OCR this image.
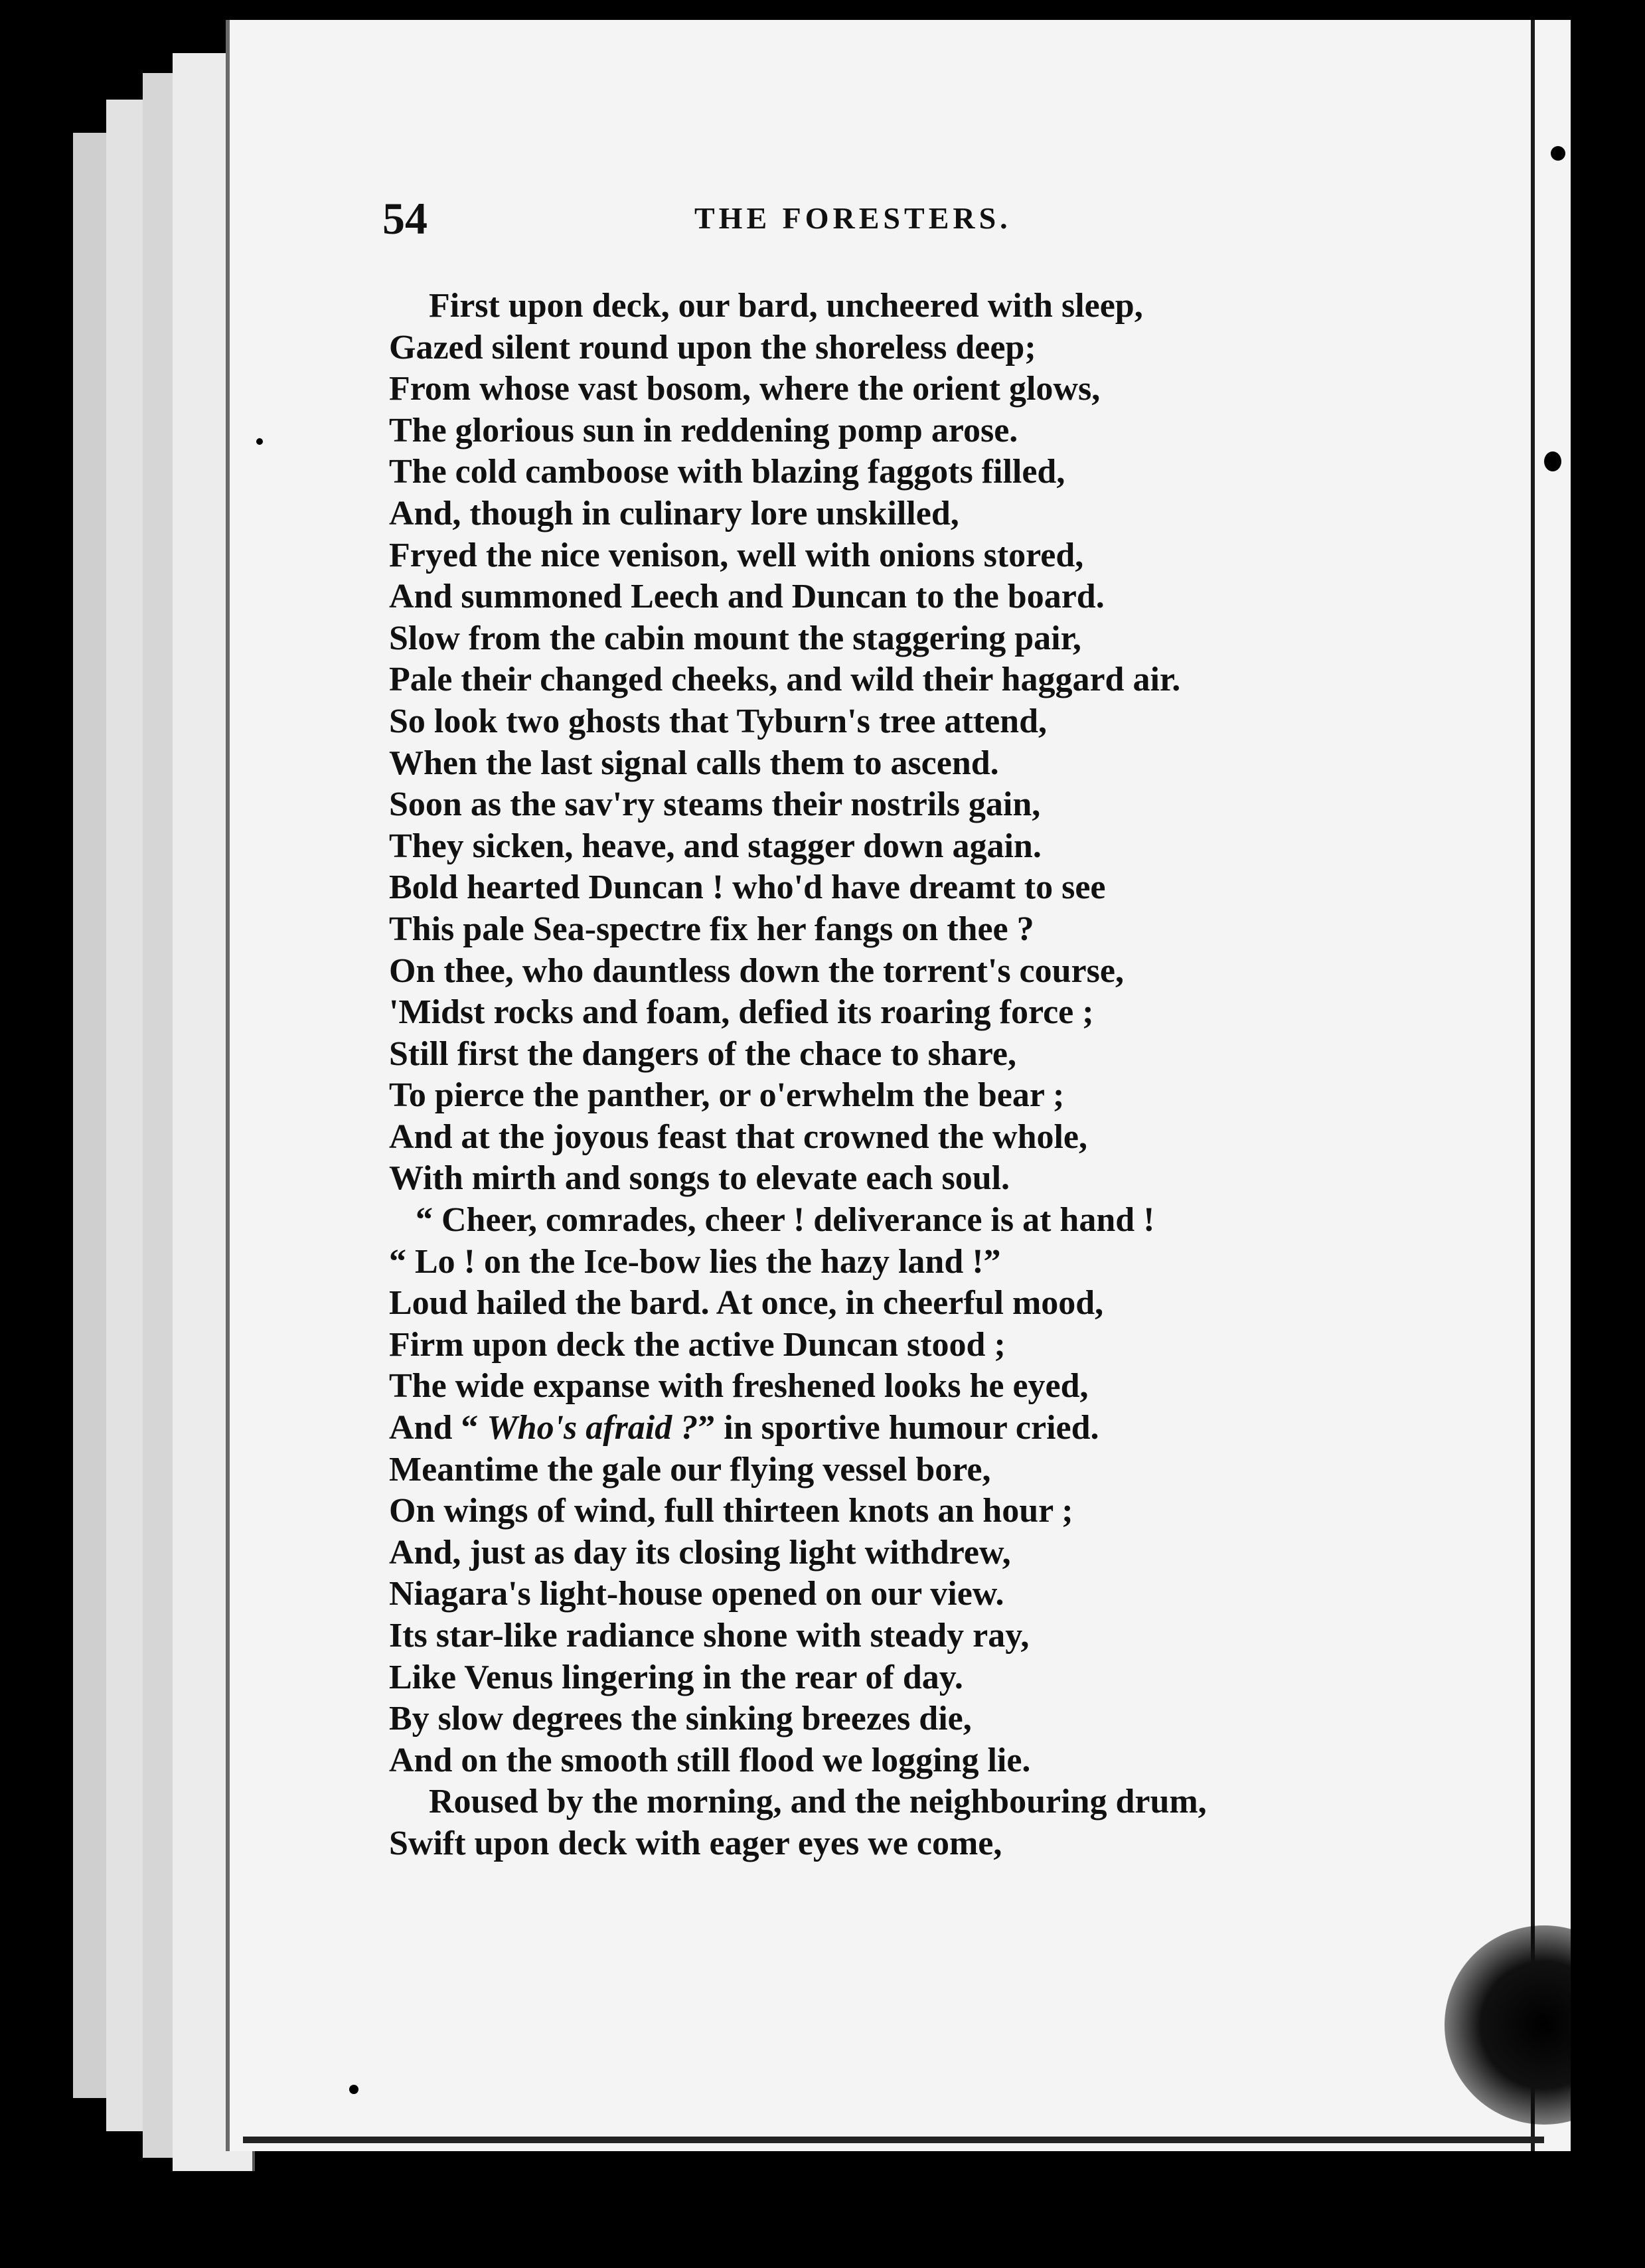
54	THE FORESTERS.
First upon deck, our bard, uncheered with sleep,
Gazed silent round upon the shoreless deep;
From whose vast bosom, where the orient glows,
The glorious sun in reddening pomp arose.
The cold camboose with blazing faggots filled,
And, though in culinary lore unskilled,
Fryed the nice venison, well with onions stored,
And summoned Leech and Duncan to the board.
Slow from the cabin mount the staggering pair,
Pale their changed cheeks, and wild their haggard air.
So look two ghosts that Tyburn's tree attend,
When the last signal calls them to ascend.
Soon as the sav'ry steams their nostrils gain,
They sicken, heave, and stagger down again.
Bold hearted Duncan ! who'd have dreamt to see
This pale Sea-spectre fix her fangs on thee ?
On thee, who dauntless down the torrent's course,
'Midst rocks and foam, defied its roaring force ;
Still first the dangers of the chace to share,
To pierce the panther, or o'erwhelm the bear ;
And at the joyous feast that crowned the whole,
With mirth and songs to elevate each soul.
“ Cheer, comrades, cheer ! deliverance is at hand !
“ Lo ! on the Ice-bow lies the hazy land !”
Loud hailed the bard. At once, in cheerful mood,
Firm upon deck the active Duncan stood ;
The wide expanse with freshened looks he eyed,
And “ Who's afraid ?” in sportive humour cried.
Meantime the gale our flying vessel bore,
On wings of wind, full thirteen knots an hour ;
And, just as day its closing light withdrew,
Niagara's light-house opened on our view.
Its star-like radiance shone with steady ray,
Like Venus lingering in the rear of day.
By slow degrees the sinking breezes die,
And on the smooth still flood we logging lie.
Roused by the morning, and the neighbouring drum,
Swift upon deck with eager eyes we come,
